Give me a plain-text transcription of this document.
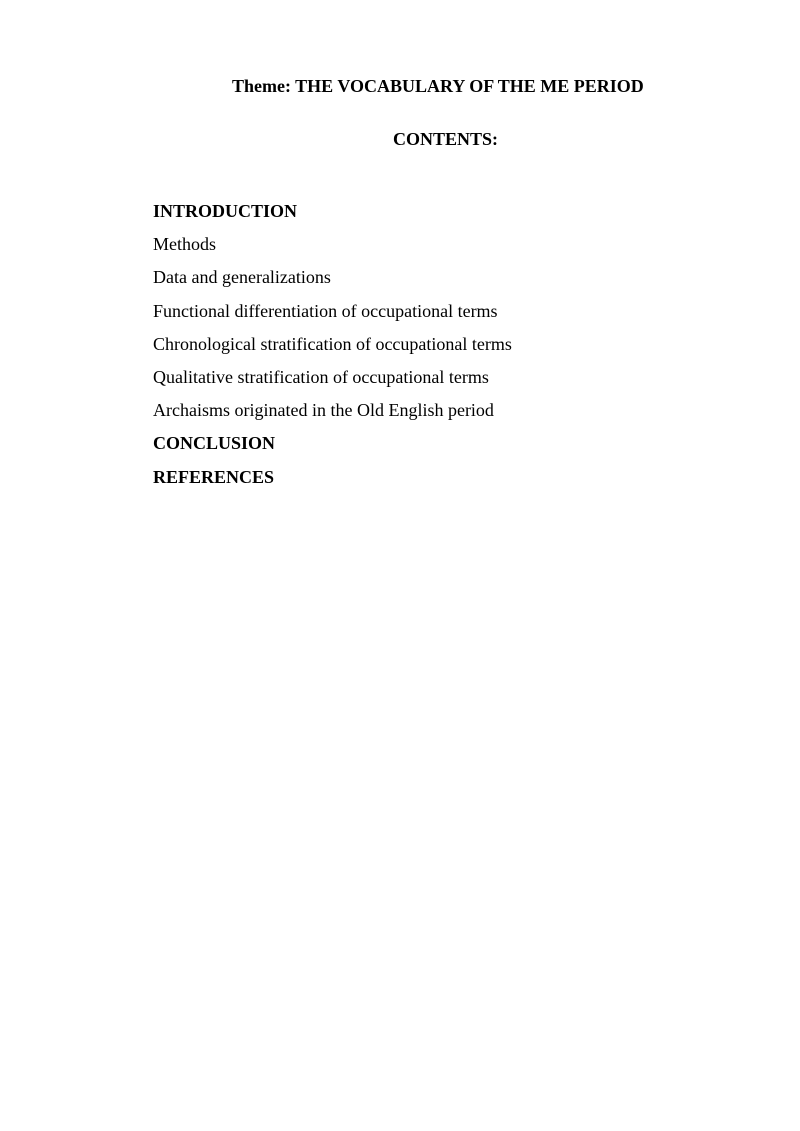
Theme: THE VOCABULARY OF THE ME PERIOD
CONTENTS:
INTRODUCTION
Methods
Data and generalizations
Functional differentiation of occupational terms
Chronological stratification of occupational terms
Qualitative stratification of occupational terms
Archaisms originated in the Old English period
CONCLUSION
REFERENCES
